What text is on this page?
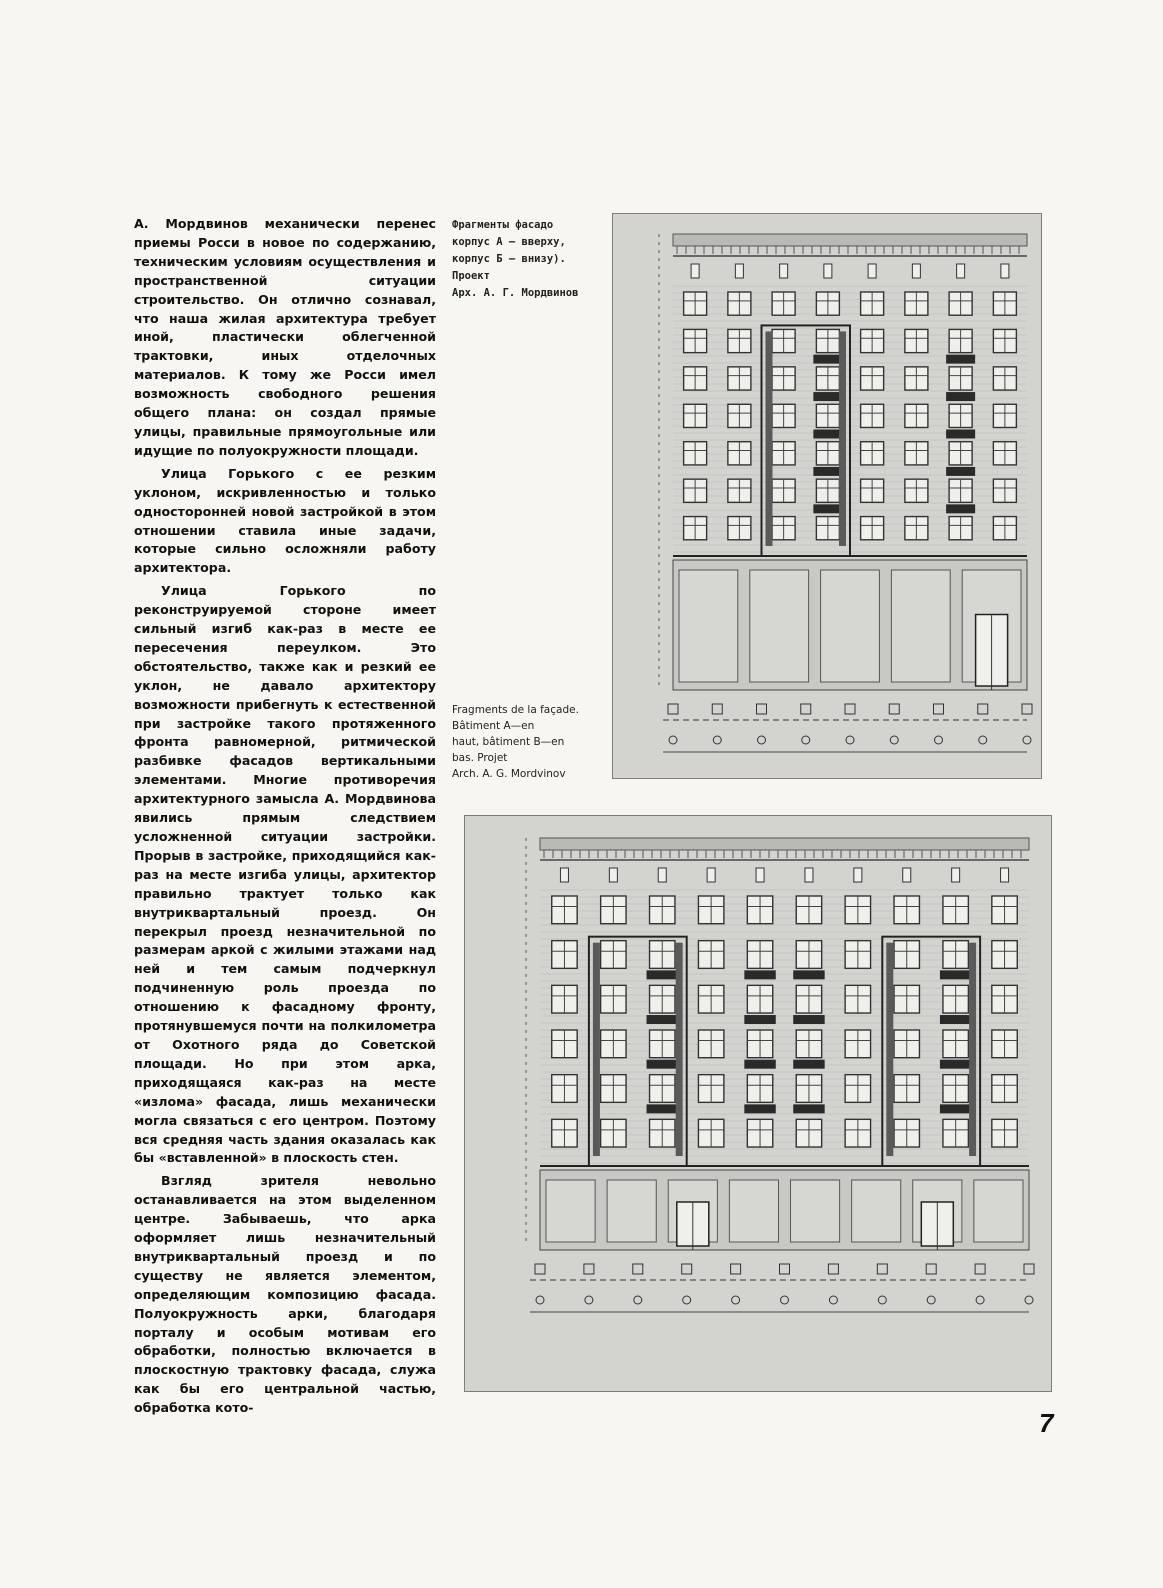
А. Мордвинов механически перенес приемы Росси в новое по содержанию, техническим условиям осуществления и пространственной ситуации строительство. Он отлично сознавал, что наша жилая архитектура требует иной, пластически облегченной трактовки, иных отделочных материалов. К тому же Росси имел возможность свободного решения общего плана: он создал прямые улицы, правильные прямоугольные или идущие по полуокружности площади.

Улица Горького с ее резким уклоном, искривленностью и только односторонней новой застройкой в этом отношении ставила иные задачи, которые сильно осложняли работу архитектора.

Улица Горького по реконструируемой стороне имеет сильный изгиб как-раз в месте ее пересечения переулком. Это обстоятельство, также как и резкий ее уклон, не давало архитектору возможности прибегнуть к естественной при застройке такого протяженного фронта равномерной, ритмической разбивке фасадов вертикальными элементами. Многие противоречия архитектурного замысла А. Мордвинова явились прямым следствием усложненной ситуации застройки. Прорыв в застройке, приходящийся как-раз на месте изгиба улицы, архитектор правильно трактует только как внутриквартальный проезд. Он перекрыл проезд незначительной по размерам аркой с жилыми этажами над ней и тем самым подчеркнул подчиненную роль проезда по отношению к фасадному фронту, протянувшемуся почти на полкилометра от Охотного ряда до Советской площади. Но при этом арка, приходящаяся как-раз на месте «излома» фасада, лишь механически могла связаться с его центром. Поэтому вся средняя часть здания оказалась как бы «вставленной» в плоскость стен.

Взгляд зрителя невольно останавливается на этом выделенном центре. Забываешь, что арка оформляет лишь незначительный внутриквартальный проезд и по существу не является элементом, определяющим композицию фасада. Полуокружность арки, благодаря порталу и особым мотивам его обработки, полностью включается в плоскостную трактовку фасада, служа как бы его центральной частью, обработка кото-

Фрагменты фасадо
корпус А — вверху,
корпус Б — внизу).
Проект
Арх. А. Г. Мордвинов
Fragments de la façade. Bâtiment A—en
haut, bâtiment B—en
bas. Projet
Arch. A. G. Mordvinov
7
